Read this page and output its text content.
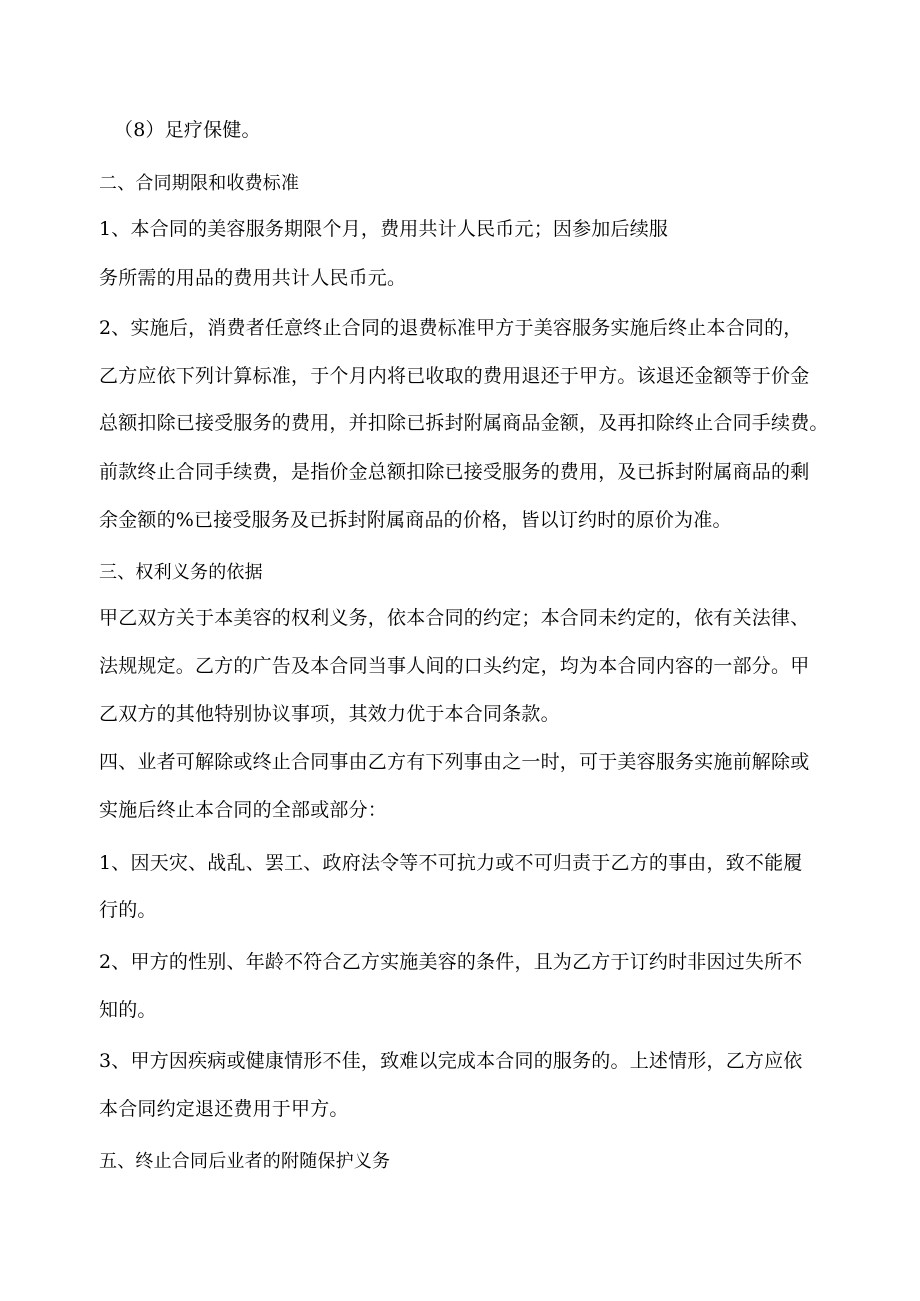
（8）足疗保健。
二、合同期限和收费标准
1、本合同的美容服务期限个月，费用共计人民币元；因参加后续服
务所需的用品的费用共计人民币元。
2、实施后，消费者任意终止合同的退费标准甲方于美容服务实施后终止本合同的，
乙方应依下列计算标准，于个月内将已收取的费用退还于甲方。该退还金额等于价金
总额扣除已接受服务的费用，并扣除已拆封附属商品金额，及再扣除终止合同手续费。
前款终止合同手续费，是指价金总额扣除已接受服务的费用，及已拆封附属商品的剩
余金额的%已接受服务及已拆封附属商品的价格，皆以订约时的原价为准。
三、权利义务的依据
甲乙双方关于本美容的权利义务，依本合同的约定；本合同未约定的，依有关法律、
法规规定。乙方的广告及本合同当事人间的口头约定，均为本合同内容的一部分。甲
乙双方的其他特别协议事项，其效力优于本合同条款。
四、业者可解除或终止合同事由乙方有下列事由之一时，可于美容服务实施前解除或
实施后终止本合同的全部或部分：
1、因天灾、战乱、罢工、政府法令等不可抗力或不可归责于乙方的事由，致不能履
行的。
2、甲方的性别、年龄不符合乙方实施美容的条件，且为乙方于订约时非因过失所不
知的。
3、甲方因疾病或健康情形不佳，致难以完成本合同的服务的。上述情形，乙方应依
本合同约定退还费用于甲方。
五、终止合同后业者的附随保护义务
